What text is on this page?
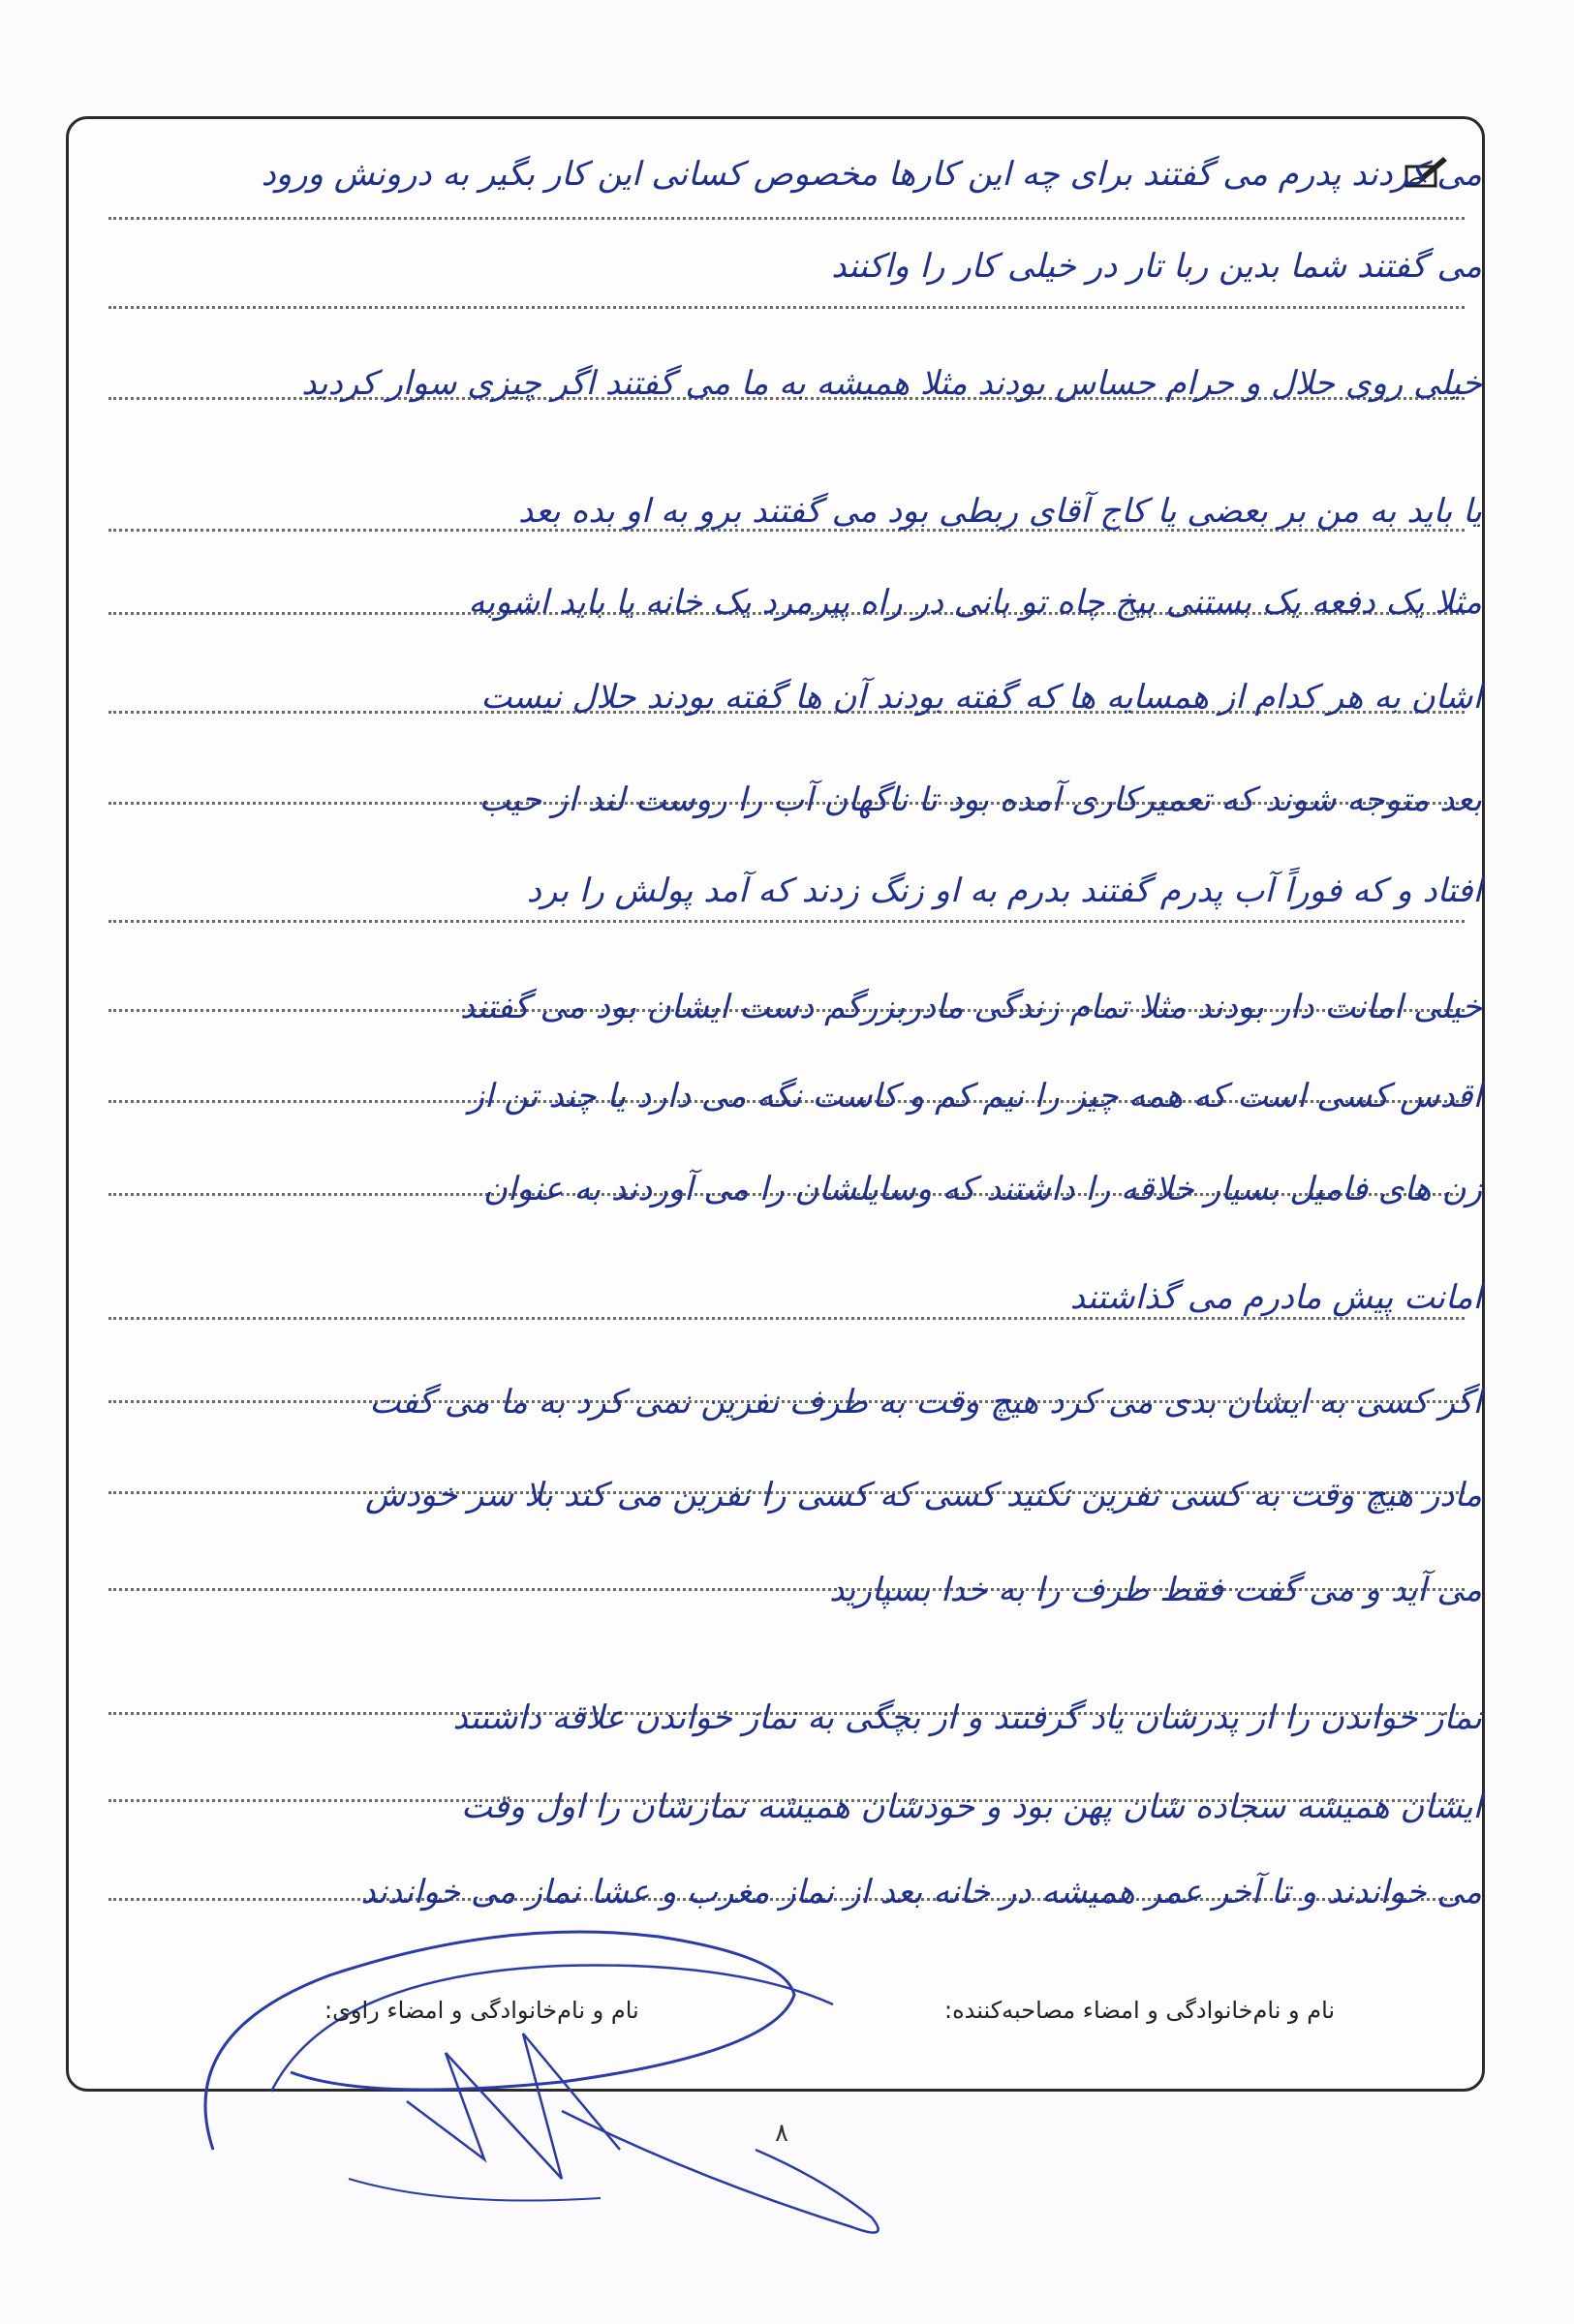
می کردند پدرم می گفتند برای چه این کارها مخصوص کسانی این کار بگیر به درونش ورود
می گفتند شما بدین ربا تار در خیلی کار را واکنند
خیلی روی حلال و حرام حساس بودند مثلا همیشه به ما می گفتند اگر چیزی سوار کردید
یا باید به من بر بعضی یا کاج آقای ربطی بود می گفتند برو به او بده بعد
مثلا یک دفعه یک بستنی بیخ چاه تو بانی در راه پیرمرد یک خانه یا باید اشوبه
اشان به هر کدام از همسایه ها که گفته بودند آن ها گفته بودند حلال نیست
بعد متوجه شوند که تعمیرکاری آمده بود تا ناگهان آب را روست لند از حیب
افتاد و که فوراً آب پدرم گفتند بدرم به او زنگ زدند که آمد پولش را برد
خیلی امانت دار بودند مثلا تمام زندگی مادربزرگم دست ایشان بود می گفتند
اقدس کسی است که همه چیز را نیم کم و کاست نگه می دارد یا چند تن از
زن های فامیل بسیار خلاقه را داشتند که وسایلشان را می آوردند به عنوان
امانت پیش مادرم می گذاشتند
اگر کسی به ایشان بدی می کرد هیچ وقت به طرف نفرین نمی کرد به ما می گفت
مادر هیچ وقت به کسی نفرین نکنید کسی که کسی را نفرین می کند بلا سر خودش
می آید و می گفت فقط طرف را به خدا بسپارید
نماز خواندن را از پدرشان یاد گرفتند و از بچگی به نماز خواندن علاقه داشتند
ایشان همیشه سجاده شان پهن بود و خودشان همیشه نمازشان را اول وقت
می خواندند و تا آخر عمر همیشه در خانه بعد از نماز مغرب و عشا نماز می خواندند
نام و نام‌خانوادگی و امضاء مصاحبه‌کننده:
نام و نام‌خانوادگی و امضاء راوی:
۸
